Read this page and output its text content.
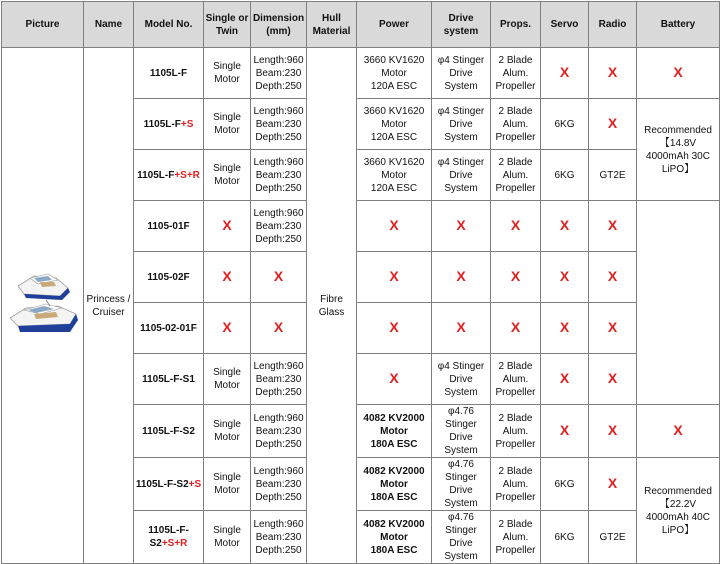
Picture	Name	Model No.	Single or Twin	Dimension (mm)	Hull Material	Power	Drive system	Props.	Servo	Radio	Battery

	Princess / Cruiser	1105L-F	Single Motor	Length:960
Beam:230
Depth:250	Fibre Glass	3660 KV1620
Motor
120A ESC	φ4 Stinger
Drive
System	2 Blade
Alum.
Propeller	X	X	X
		1105L-F+S	Single Motor	Length:960
Beam:230
Depth:250		3660 KV1620
Motor
120A ESC	φ4 Stinger
Drive
System	2 Blade
Alum.
Propeller	6KG	X	Recommended
【14.8V
4000mAh 30C
LiPO】
		1105L-F+S+R	Single Motor	Length:960
Beam:230
Depth:250		3660 KV1620
Motor
120A ESC	φ4 Stinger
Drive
System	2 Blade
Alum.
Propeller	6KG	GT2E	
		1105-01F	X	Length:960
Beam:230
Depth:250		X	X	X	X	X	
		1105-02F	X	X		X	X	X	X	X	
		1105-02-01F	X	X		X	X	X	X	X	
		1105L-F-S1	Single Motor	Length:960
Beam:230
Depth:250		X	φ4 Stinger
Drive
System	2 Blade
Alum.
Propeller	X	X	
		1105L-F-S2	Single Motor	Length:960
Beam:230
Depth:250		4082 KV2000
Motor
180A ESC	φ4.76
Stinger
Drive
System	2 Blade
Alum.
Propeller	X	X	X
		1105L-F-S2+S	Single Motor	Length:960
Beam:230
Depth:250		4082 KV2000
Motor
180A ESC	φ4.76
Stinger
Drive
System	2 Blade
Alum.
Propeller	6KG	X	Recommended
【22.2V
4000mAh 40C
LiPO】
		1105L-F-
S2+S+R	Single Motor	Length:960
Beam:230
Depth:250		4082 KV2000
Motor
180A ESC	φ4.76
Stinger
Drive
System	2 Blade
Alum.
Propeller	6KG	GT2E	
